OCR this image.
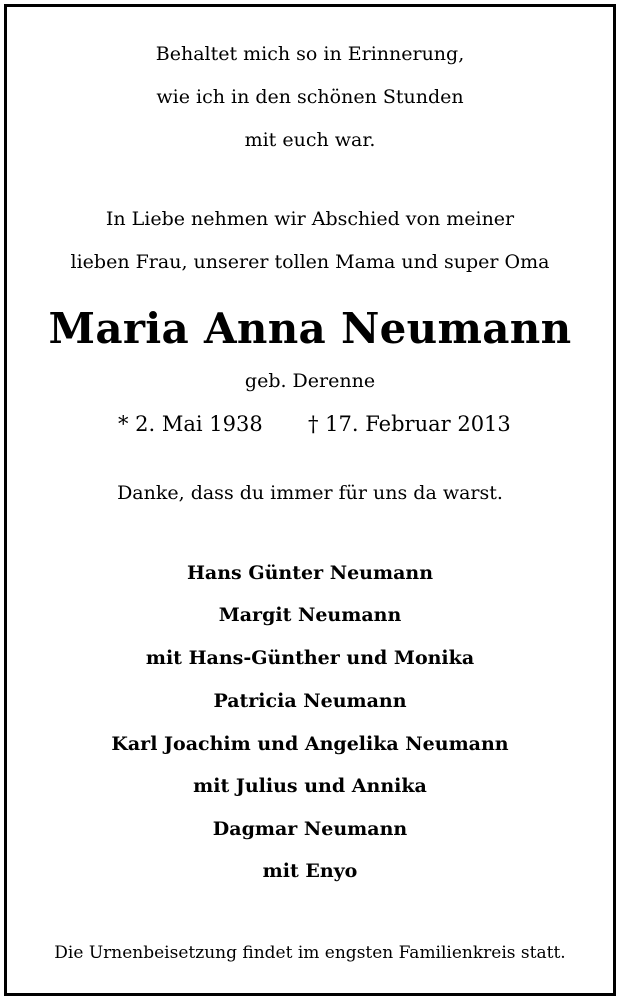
Behaltet mich so in Erinnerung,
wie ich in den schönen Stunden
mit euch war.
In Liebe nehmen wir Abschied von meiner
lieben Frau, unserer tollen Mama und super Oma
Maria Anna Neumann
geb. Derenne
* 2. Mai 1938 † 17. Februar 2013
Danke, dass du immer für uns da warst.
Hans Günter Neumann
Margit Neumann
mit Hans-Günther und Monika
Patricia Neumann
Karl Joachim und Angelika Neumann
mit Julius und Annika
Dagmar Neumann
mit Enyo
Die Urnenbeisetzung findet im engsten Familienkreis statt.
